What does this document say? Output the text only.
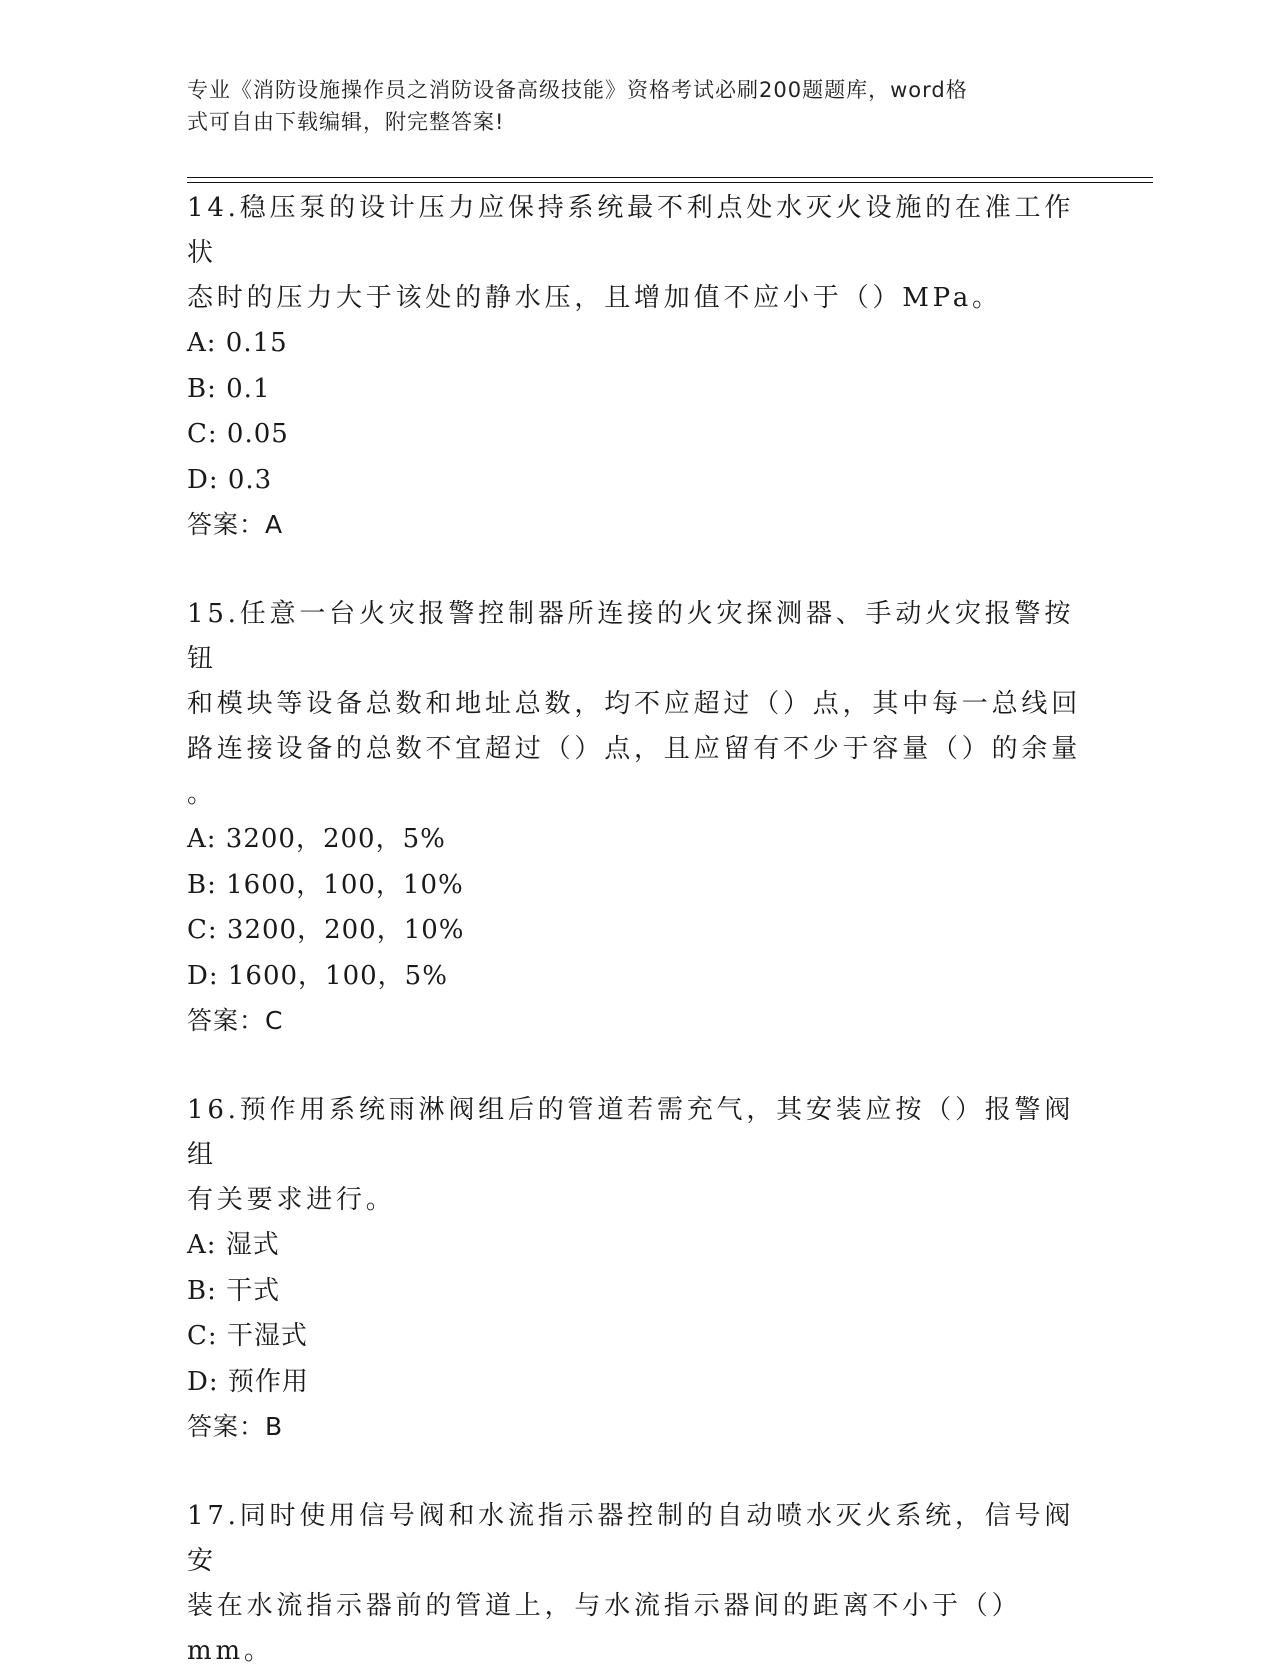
专业《消防设施操作员之消防设备高级技能》资格考试必刷200题题库，word格
式可自由下载编辑，附完整答案!

14.稳压泵的设计压力应保持系统最不利点处水灭火设施的在准工作状

态时的压力大于该处的静水压，且增加值不应小于（）MPa。

A: 0.15

B: 0.1

C: 0.05

D: 0.3

答案：A

15.任意一台火灾报警控制器所连接的火灾探测器、手动火灾报警按钮

和模块等设备总数和地址总数，均不应超过（）点，其中每一总线回

路连接设备的总数不宜超过（）点，且应留有不少于容量（）的余量

。

A: 3200，200，5%

B: 1600，100，10%

C: 3200，200，10%

D: 1600，100，5%

答案：C

16.预作用系统雨淋阀组后的管道若需充气，其安装应按（）报警阀组

有关要求进行。

A: 湿式

B: 干式

C: 干湿式

D: 预作用

答案：B

17.同时使用信号阀和水流指示器控制的自动喷水灭火系统，信号阀安

装在水流指示器前的管道上，与水流指示器间的距离不小于（）mm。
